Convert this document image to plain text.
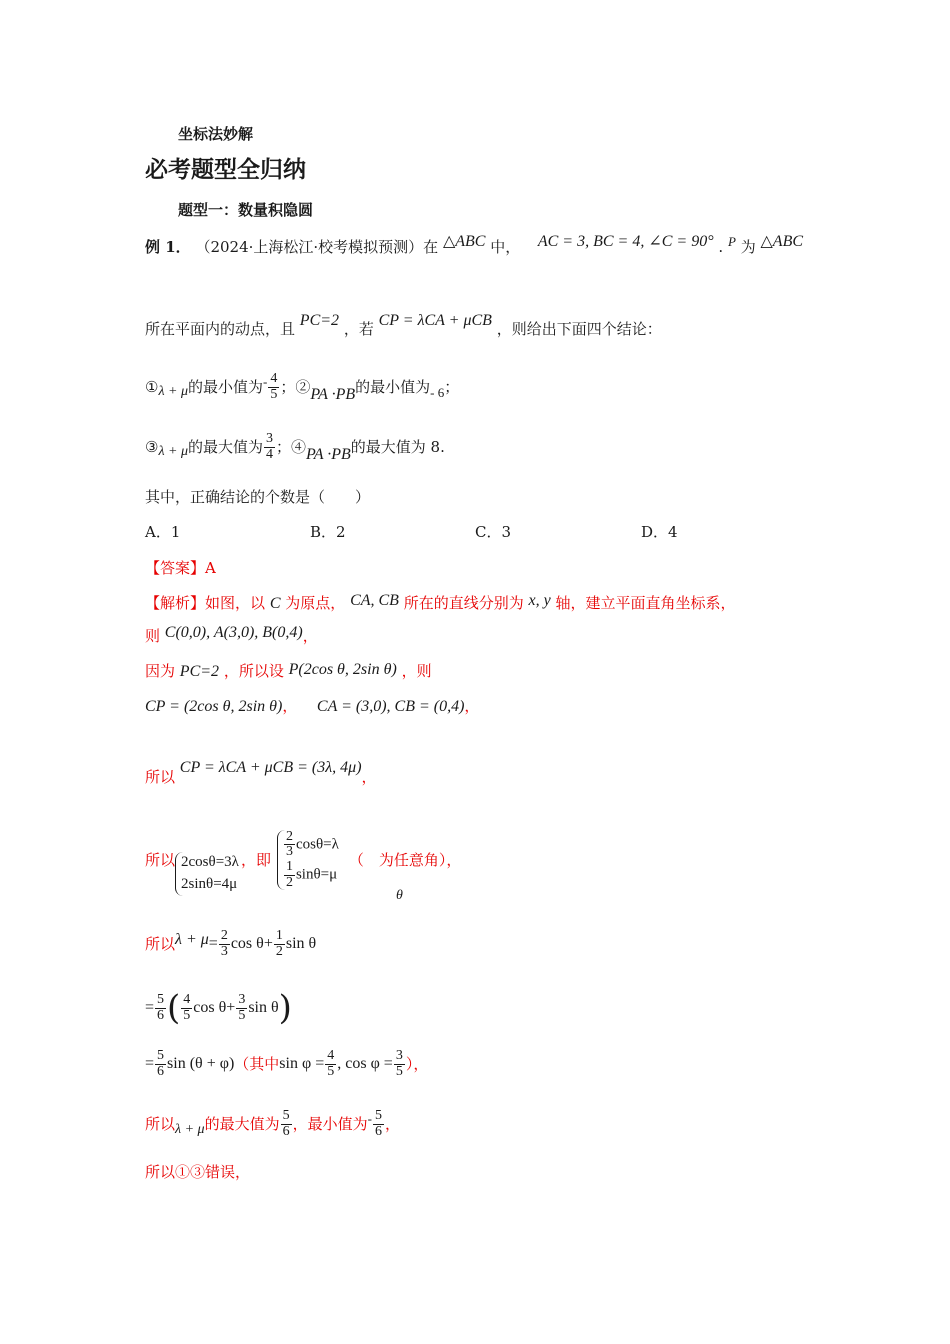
坐标法妙解
必考题型全归纳
题型一：数量积隐圆
例 1． （2024·上海松江·校考模拟预测）在 △ABC 中， AC = 3, BC = 4, ∠C = 90° . P 为 △ABC
所在平面内的动点，且 PC=2 ，若 CP = λCA + μCB ，则给出下面四个结论：
① λ + μ 的最小值为 - $\frac{4}{5}$ ；② PA ·PB 的最小值为 - 6 ；
③ λ + μ 的最大值为 $\frac{3}{4}$ ；④ PA ·PB 的最大值为 8.
其中，正确结论的个数是（　　）
A．1	B．2	C．3	D．4
【答案】A
【解析】如图，以 C 为原点， CA, CB 所在的直线分别为 x, y 轴，建立平面直角坐标系，
则 C(0,0), A(3,0), B(0,4)，
因为 PC=2 ，所以设 P(2cos θ, 2sin θ) ，则
CP = (2cos θ, 2sin θ)， CA = (3,0), CB = (0,4)，
所以 CP = λCA + μCB = (3λ, 4μ)，
所以 2cosθ=3λ
2sinθ=4μ
，即 $\frac{2}{3} \cos\theta=\lambda$
$\frac{1}{2} \sin\theta=\mu$
（　为任意角），
θ
所以 $\lambda + \mu = \frac{2}{3}$ $\cos \theta + \frac{1}{2}$ sin θ
= $\frac{5}{6}$ ( $\frac{4}{5}$ $\cos \theta + \frac{3}{5}$ sin θ )
= $\frac{5}{6}$ sin (θ + φ) （其中 $\sin \varphi = \frac{4}{5}$ , $\cos \varphi = \frac{3}{5}$ ），
所以 λ + μ 的最大值为 $\frac{5}{6}$ ，最小值为 - $\frac{5}{6}$ ，
所以①③错误，
